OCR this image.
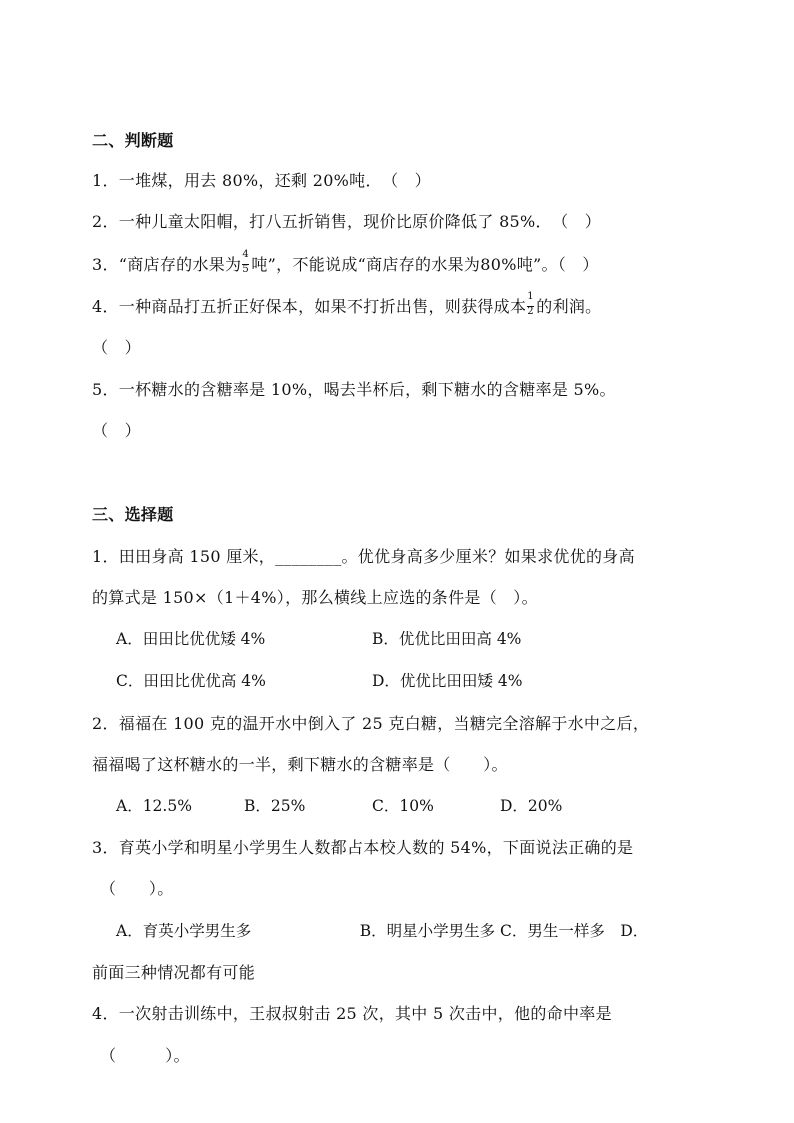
二、判断题
1．一堆煤，用去 80%，还剩 20%吨．　（　）
2．一种儿童太阳帽，打八五折销售，现价比原价降低了 85%．　（　）
3．“商店存的水果为 $\frac{4}{5}$ 吨”，不能说成“商店存的水果为80%吨”。（　）
4．一种商品打五折正好保本，如果不打折出售，则获得成本 $\frac{1}{2}$ 的利润。
（　）
5．一杯糖水的含糖率是 10%，喝去半杯后，剩下糖水的含糖率是 5%。
（　）
三、选择题
1．田田身高 150 厘米，________。优优身高多少厘米？如果求优优的身高
的算式是 150×（1＋4%），那么横线上应选的条件是（　）。
A．田田比优优矮 4%	B．优优比田田高 4%
C．田田比优优高 4%	D．优优比田田矮 4%
2．福福在 100 克的温开水中倒入了 25 克白糖，当糖完全溶解于水中之后，
福福喝了这杯糖水的一半，剩下糖水的含糖率是（　　）。
A．12.5%	B．25%	C．10%	D．20%
3．育英小学和明星小学男生人数都占本校人数的 54%，下面说法正确的是
（　　）。
A．育英小学男生多　　　　　　　B．明星小学男生多 C．男生一样多　D．
前面三种情况都有可能
4．一次射击训练中，王叔叔射击 25 次，其中 5 次击中，他的命中率是
（　　　）。
